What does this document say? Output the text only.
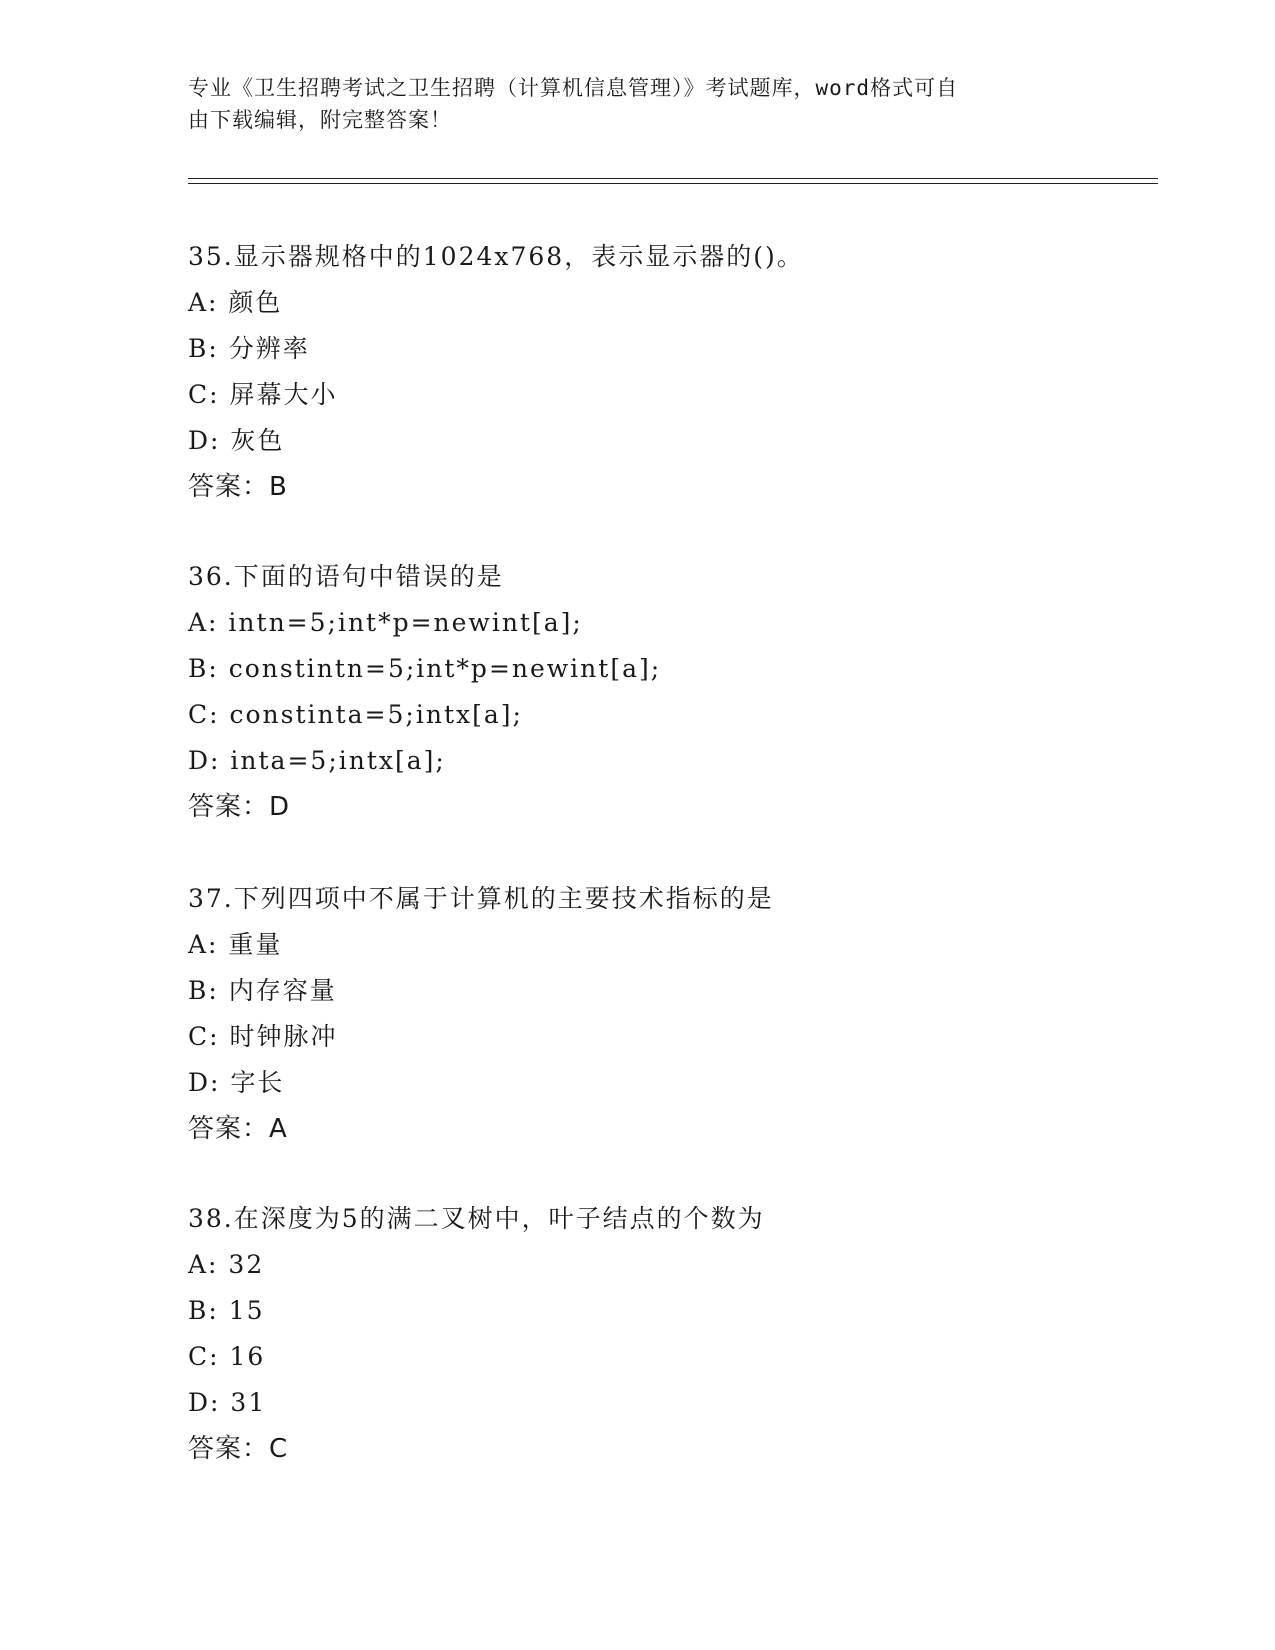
专业《卫生招聘考试之卫生招聘（计算机信息管理）》考试题库，word格式可自
由下载编辑，附完整答案！
35.显示器规格中的1024x768，表示显示器的()。
A: 颜色
B: 分辨率
C: 屏幕大小
D: 灰色
答案：B
36.下面的语句中错误的是
A: intn=5;int*p=newint[a];
B: constintn=5;int*p=newint[a];
C: constinta=5;intx[a];
D: inta=5;intx[a];
答案：D
37.下列四项中不属于计算机的主要技术指标的是
A: 重量
B: 内存容量
C: 时钟脉冲
D: 字长
答案：A
38.在深度为5的满二叉树中，叶子结点的个数为
A: 32
B: 15
C: 16
D: 31
答案：C
